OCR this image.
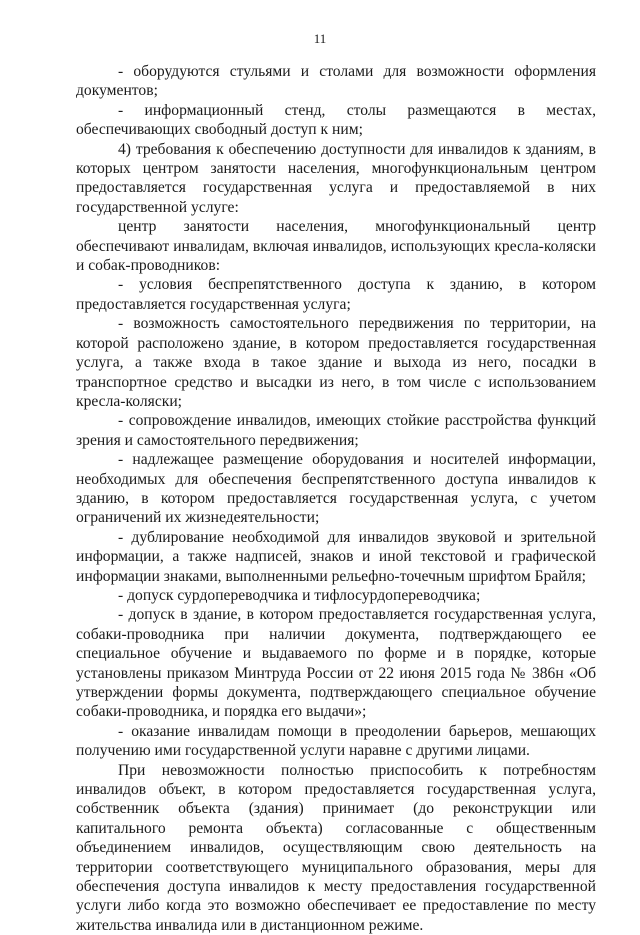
11

- оборудуются стульями и столами для возможности оформления документов;

- информационный стенд, столы размещаются в местах, обеспечивающих свободный доступ к ним;

4) требования к обеспечению доступности для инвалидов к зданиям, в которых центром занятости населения, многофункциональным центром предоставляется государственная услуга и предоставляемой в них государственной услуге:

центр занятости населения, многофункциональный центр обеспечивают инвалидам, включая инвалидов, использующих кресла-коляски и собак-проводников:

- условия беспрепятственного доступа к зданию, в котором предоставляется государственная услуга;

- возможность самостоятельного передвижения по территории, на которой расположено здание, в котором предоставляется государственная услуга, а также входа в такое здание и выхода из него, посадки в транспортное средство и высадки из него, в том числе с использованием кресла-коляски;

- сопровождение инвалидов, имеющих стойкие расстройства функций зрения и самостоятельного передвижения;

- надлежащее размещение оборудования и носителей информации, необходимых для обеспечения беспрепятственного доступа инвалидов к зданию, в котором предоставляется государственная услуга, с учетом ограничений их жизнедеятельности;

- дублирование необходимой для инвалидов звуковой и зрительной информации, а также надписей, знаков и иной текстовой и графической информации знаками, выполненными рельефно-точечным шрифтом Брайля;

- допуск сурдопереводчика и тифлосурдопереводчика;

- допуск в здание, в котором предоставляется государственная услуга, собаки-проводника при наличии документа, подтверждающего ее специальное обучение и выдаваемого по форме и в порядке, которые установлены приказом Минтруда России от 22 июня 2015 года № 386н «Об утверждении формы документа, подтверждающего специальное обучение собаки-проводника, и порядка его выдачи»;

- оказание инвалидам помощи в преодолении барьеров, мешающих получению ими государственной услуги наравне с другими лицами.

При невозможности полностью приспособить к потребностям инвалидов объект, в котором предоставляется государственная услуга, собственник объекта (здания) принимает (до реконструкции или капитального ремонта объекта) согласованные с общественным объединением инвалидов, осуществляющим свою деятельность на территории соответствующего муниципального образования, меры для обеспечения доступа инвалидов к месту предоставления государственной услуги либо когда это возможно обеспечивает ее предоставление по месту жительства инвалида или в дистанционном режиме.
